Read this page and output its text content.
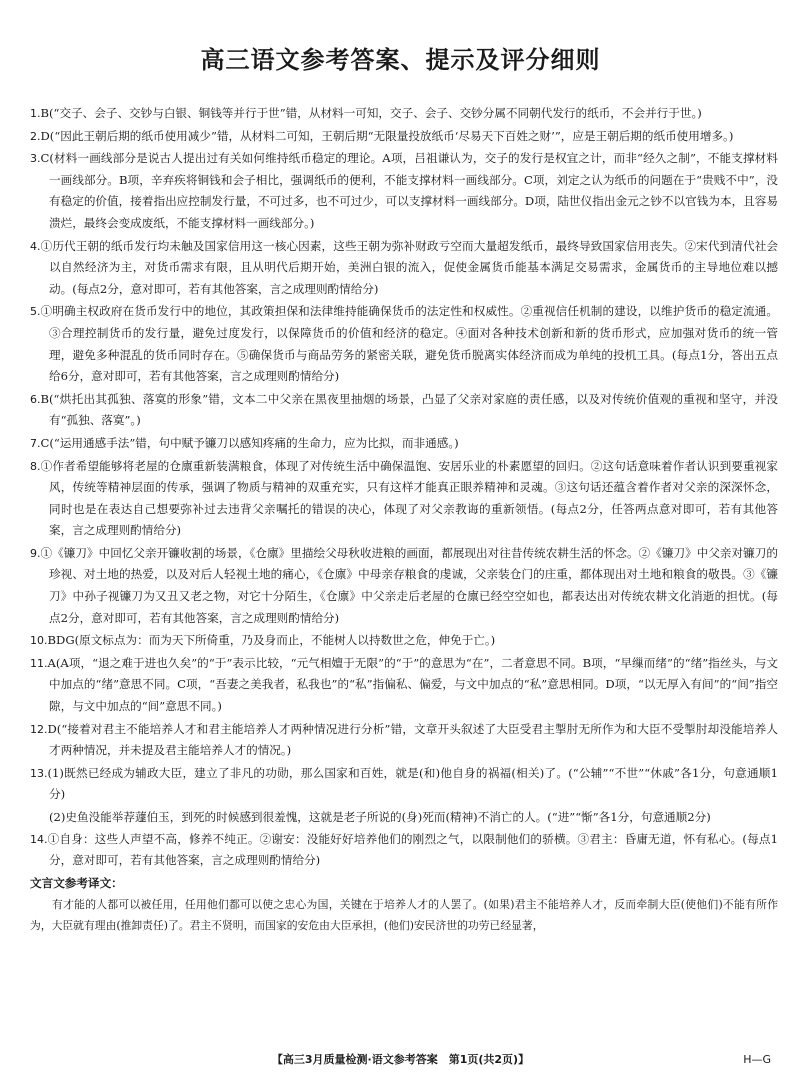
高三语文参考答案、提示及评分细则
1.B(“交子、会子、交钞与白银、铜钱等并行于世”错，从材料一可知，交子、会子、交钞分属不同朝代发行的纸币，不会并行于世。)
2.D(“因此王朝后期的纸币使用减少”错，从材料二可知，王朝后期“无限量投放纸币‘尽易天下百姓之财’”，应是王朝后期的纸币使用增多。)
3.C(材料一画线部分是说古人提出过有关如何维持纸币稳定的理论。A项，吕祖谦认为，交子的发行是权宜之计，而非“经久之制”，不能支撑材料一画线部分。B项，辛弃疾将铜钱和会子相比，强调纸币的便利，不能支撑材料一画线部分。C项，刘定之认为纸币的问题在于“贵贱不中”，没有稳定的价值，接着指出应控制发行量，不可过多，也不可过少，可以支撑材料一画线部分。D项，陆世仪指出金元之钞不以官钱为本，且容易溃烂，最终会变成废纸，不能支撑材料一画线部分。)
4.①历代王朝的纸币发行均未触及国家信用这一核心因素，这些王朝为弥补财政亏空而大量超发纸币，最终导致国家信用丧失。②宋代到清代社会以自然经济为主，对货币需求有限，且从明代后期开始，美洲白银的流入，促使金属货币能基本满足交易需求，金属货币的主导地位难以撼动。(每点2分，意对即可，若有其他答案，言之成理则酌情给分)
5.①明确主权政府在货币发行中的地位，其政策担保和法律维持能确保货币的法定性和权威性。②重视信任机制的建设，以维护货币的稳定流通。③合理控制货币的发行量，避免过度发行，以保障货币的价值和经济的稳定。④面对各种技术创新和新的货币形式，应加强对货币的统一管理，避免多种混乱的货币同时存在。⑤确保货币与商品劳务的紧密关联，避免货币脱离实体经济而成为单纯的投机工具。(每点1分，答出五点给6分，意对即可，若有其他答案，言之成理则酌情给分)
6.B(“烘托出其孤独、落寞的形象”错，文本二中父亲在黑夜里抽烟的场景，凸显了父亲对家庭的责任感，以及对传统价值观的重视和坚守，并没有“孤独、落寞”。)
7.C(“运用通感手法”错，句中赋予镰刀以感知疼痛的生命力，应为比拟，而非通感。)
8.①作者希望能够将老屋的仓廪重新装满粮食，体现了对传统生活中确保温饱、安居乐业的朴素愿望的回归。②这句话意味着作者认识到要重视家风，传统等精神层面的传承，强调了物质与精神的双重充实，只有这样才能真正眼养精神和灵魂。③这句话还蕴含着作者对父亲的深深怀念，同时也是在表达自己想要弥补过去违背父亲嘱托的错误的决心，体现了对父亲教诲的重新领悟。(每点2分，任答两点意对即可，若有其他答案，言之成理则酌情给分)
9.①《镰刀》中回忆父亲开镰收割的场景，《仓廪》里描绘父母秋收进粮的画面，都展现出对往昔传统农耕生活的怀念。②《镰刀》中父亲对镰刀的珍视、对土地的热爱，以及对后人轻视土地的痛心，《仓廪》中母亲存粮食的虔诚，父亲装仓门的庄重，都体现出对土地和粮食的敬畏。③《镰刀》中孙子视镰刀为又丑又老之物，对它十分陌生，《仓廪》中父亲走后老屋的仓廪已经空空如也，都表达出对传统农耕文化消逝的担忧。(每点2分，意对即可，若有其他答案，言之成理则酌情给分)
10.BDG(原文标点为：而为天下所倚重，乃及身而止，不能树人以持数世之危，伸免于亡。)
11.A(A项，“退之难于进也久矣”的“于”表示比较，“元气相嬗于无限”的“于”的意思为“在”，二者意思不同。B项，“早缫而绪”的“绪”指丝头，与文中加点的“绪”意思不同。C项，“吾妻之美我者，私我也”的“私”指偏私、偏爱，与文中加点的“私”意思相同。D项，“以无厚入有间”的“间”指空隙，与文中加点的“间”意思不同。)
12.D(“接着对君主不能培养人才和君主能培养人才两种情况进行分析”错，文章开头叙述了大臣受君主掣肘无所作为和大臣不受掣肘却没能培养人才两种情况，并未提及君主能培养人才的情况。)
13.(1)既然已经成为辅政大臣，建立了非凡的功勋，那么国家和百姓，就是(和)他自身的祸福(相关)了。(“公辅”“不世”“休戚”各1分，句意通顺1分)
(2)史鱼没能举荐蘧伯玉，到死的时候感到很羞愧，这就是老子所说的(身)死而(精神)不消亡的人。(“进”“惭”各1分，句意通顺2分)
14.①自身：这些人声望不高，修养不纯正。②谢安：没能好好培养他们的刚烈之气，以限制他们的骄横。③君主：昏庸无道，怀有私心。(每点1分，意对即可，若有其他答案，言之成理则酌情给分)
文言文参考译文：
有才能的人都可以被任用，任用他们都可以使之忠心为国，关键在于培养人才的人罢了。(如果)君主不能培养人才，反而牵制大臣(使他们)不能有所作为，大臣就有理由(推卸责任)了。君主不贤明，而国家的安危由大臣承担，(他们)安民济世的功劳已经显著，
【高三3月质量检测·语文参考答案　第1页(共2页)】	H—G
